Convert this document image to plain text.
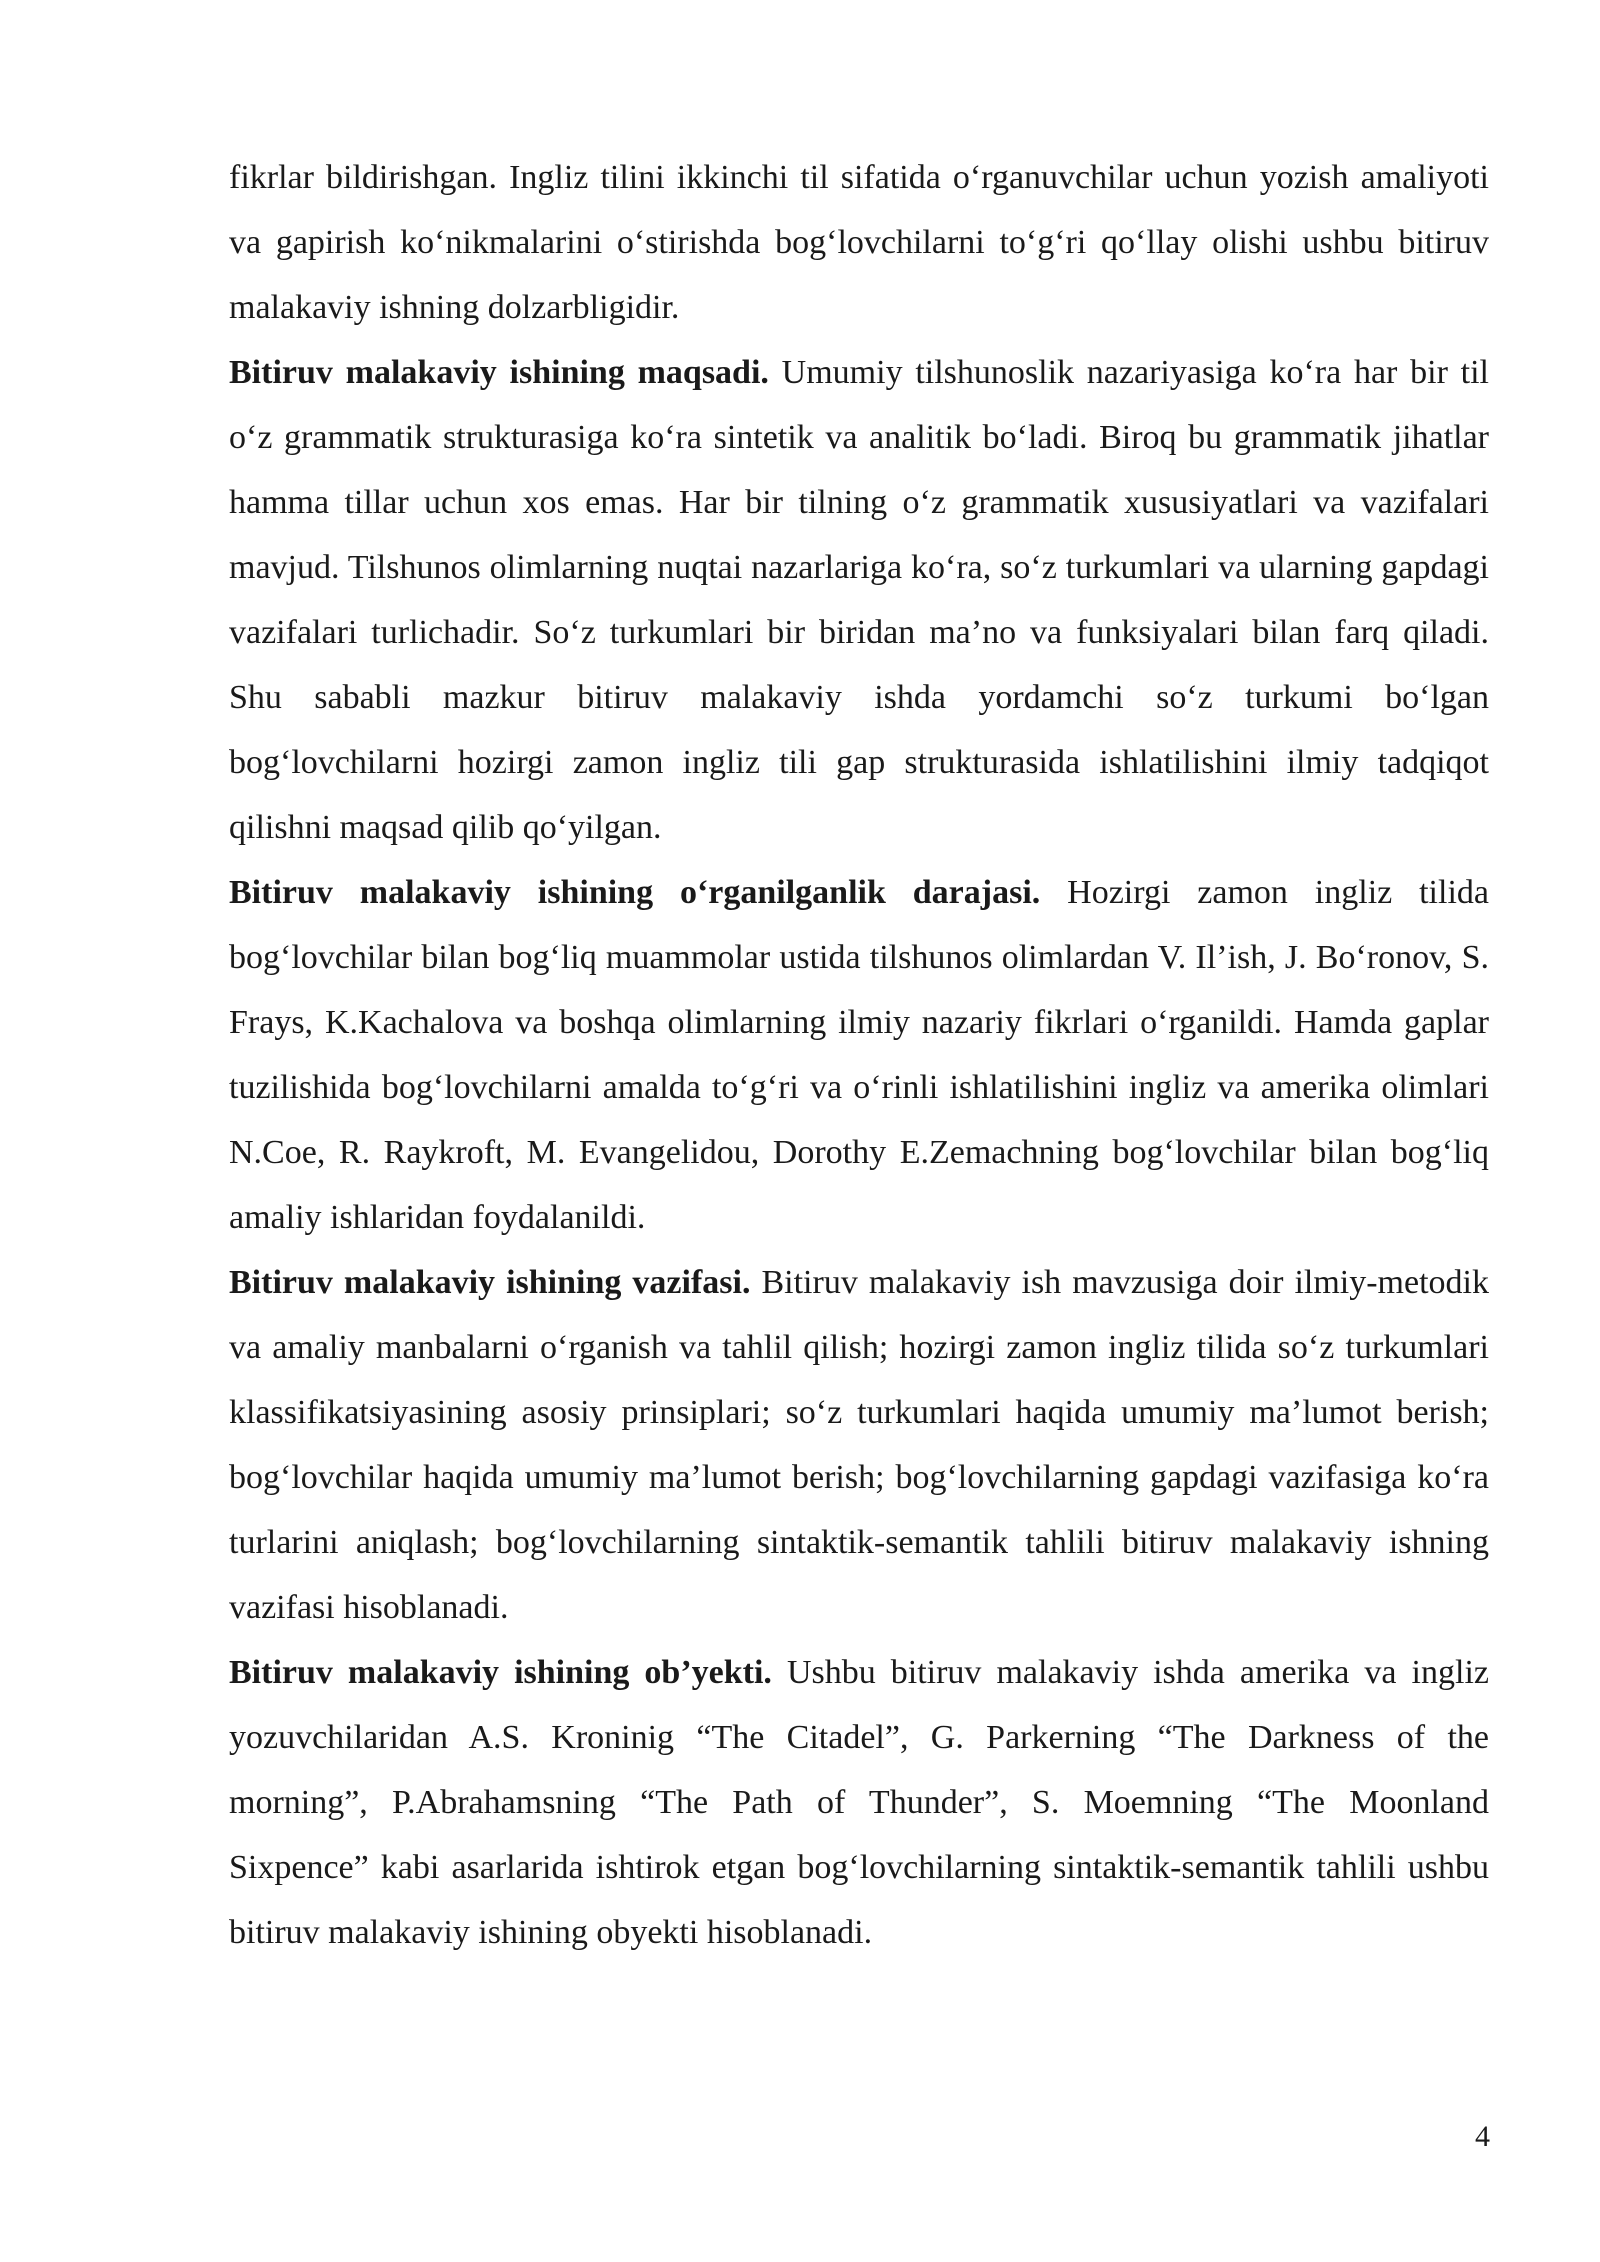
fikrlar bildirishgan. Ingliz tilini ikkinchi til sifatida o‘rganuvchilar uchun yozish amaliyoti va gapirish ko‘nikmalarini o‘stirishda bog‘lovchilarni to‘g‘ri qo‘llay olishi ushbu bitiruv malakaviy ishning dolzarbligidir.

Bitiruv malakaviy ishining maqsadi. Umumiy tilshunoslik nazariyasiga ko‘ra har bir til o‘z grammatik strukturasiga ko‘ra sintetik va analitik bo‘ladi. Biroq bu grammatik jihatlar hamma tillar uchun xos emas. Har bir tilning o‘z grammatik xususiyatlari va vazifalari mavjud. Tilshunos olimlarning nuqtai nazarlariga ko‘ra, so‘z turkumlari va ularning gapdagi vazifalari turlichadir. So‘z turkumlari bir biridan ma’no va funksiyalari bilan farq qiladi. Shu sababli mazkur bitiruv malakaviy ishda yordamchi so‘z turkumi bo‘lgan bog‘lovchilarni hozirgi zamon ingliz tili gap strukturasida ishlatilishini ilmiy tadqiqot qilishni maqsad qilib qo‘yilgan.

Bitiruv malakaviy ishining o‘rganilganlik darajasi. Hozirgi zamon ingliz tilida bog‘lovchilar bilan bog‘liq muammolar ustida tilshunos olimlardan V. Il’ish, J. Bo‘ronov, S. Frays, K.Kachalova va boshqa olimlarning ilmiy nazariy fikrlari o‘rganildi. Hamda gaplar tuzilishida bog‘lovchilarni amalda to‘g‘ri va o‘rinli ishlatilishini ingliz va amerika olimlari N.Coe, R. Raykroft, M. Evangelidou, Dorothy E.Zemachning bog‘lovchilar bilan bog‘liq amaliy ishlaridan foydalanildi.

Bitiruv malakaviy ishining vazifasi. Bitiruv malakaviy ish mavzusiga doir ilmiy-metodik va amaliy manbalarni o‘rganish va tahlil qilish; hozirgi zamon ingliz tilida so‘z turkumlari klassifikatsiyasining asosiy prinsiplari; so‘z turkumlari haqida umumiy ma’lumot berish; bog‘lovchilar haqida umumiy ma’lumot berish; bog‘lovchilarning gapdagi vazifasiga ko‘ra turlarini aniqlash; bog‘lovchilarning sintaktik-semantik tahlili bitiruv malakaviy ishning vazifasi hisoblanadi.

Bitiruv malakaviy ishining ob’yekti. Ushbu bitiruv malakaviy ishda amerika va ingliz yozuvchilaridan A.S. Kroninig “The Citadel”, G. Parkerning “The Darkness of the morning”, P.Abrahamsning “The Path of Thunder”, S. Moemning “The Moonland Sixpence” kabi asarlarida ishtirok etgan bog‘lovchilarning sintaktik-semantik tahlili ushbu bitiruv malakaviy ishining obyekti hisoblanadi.

4
